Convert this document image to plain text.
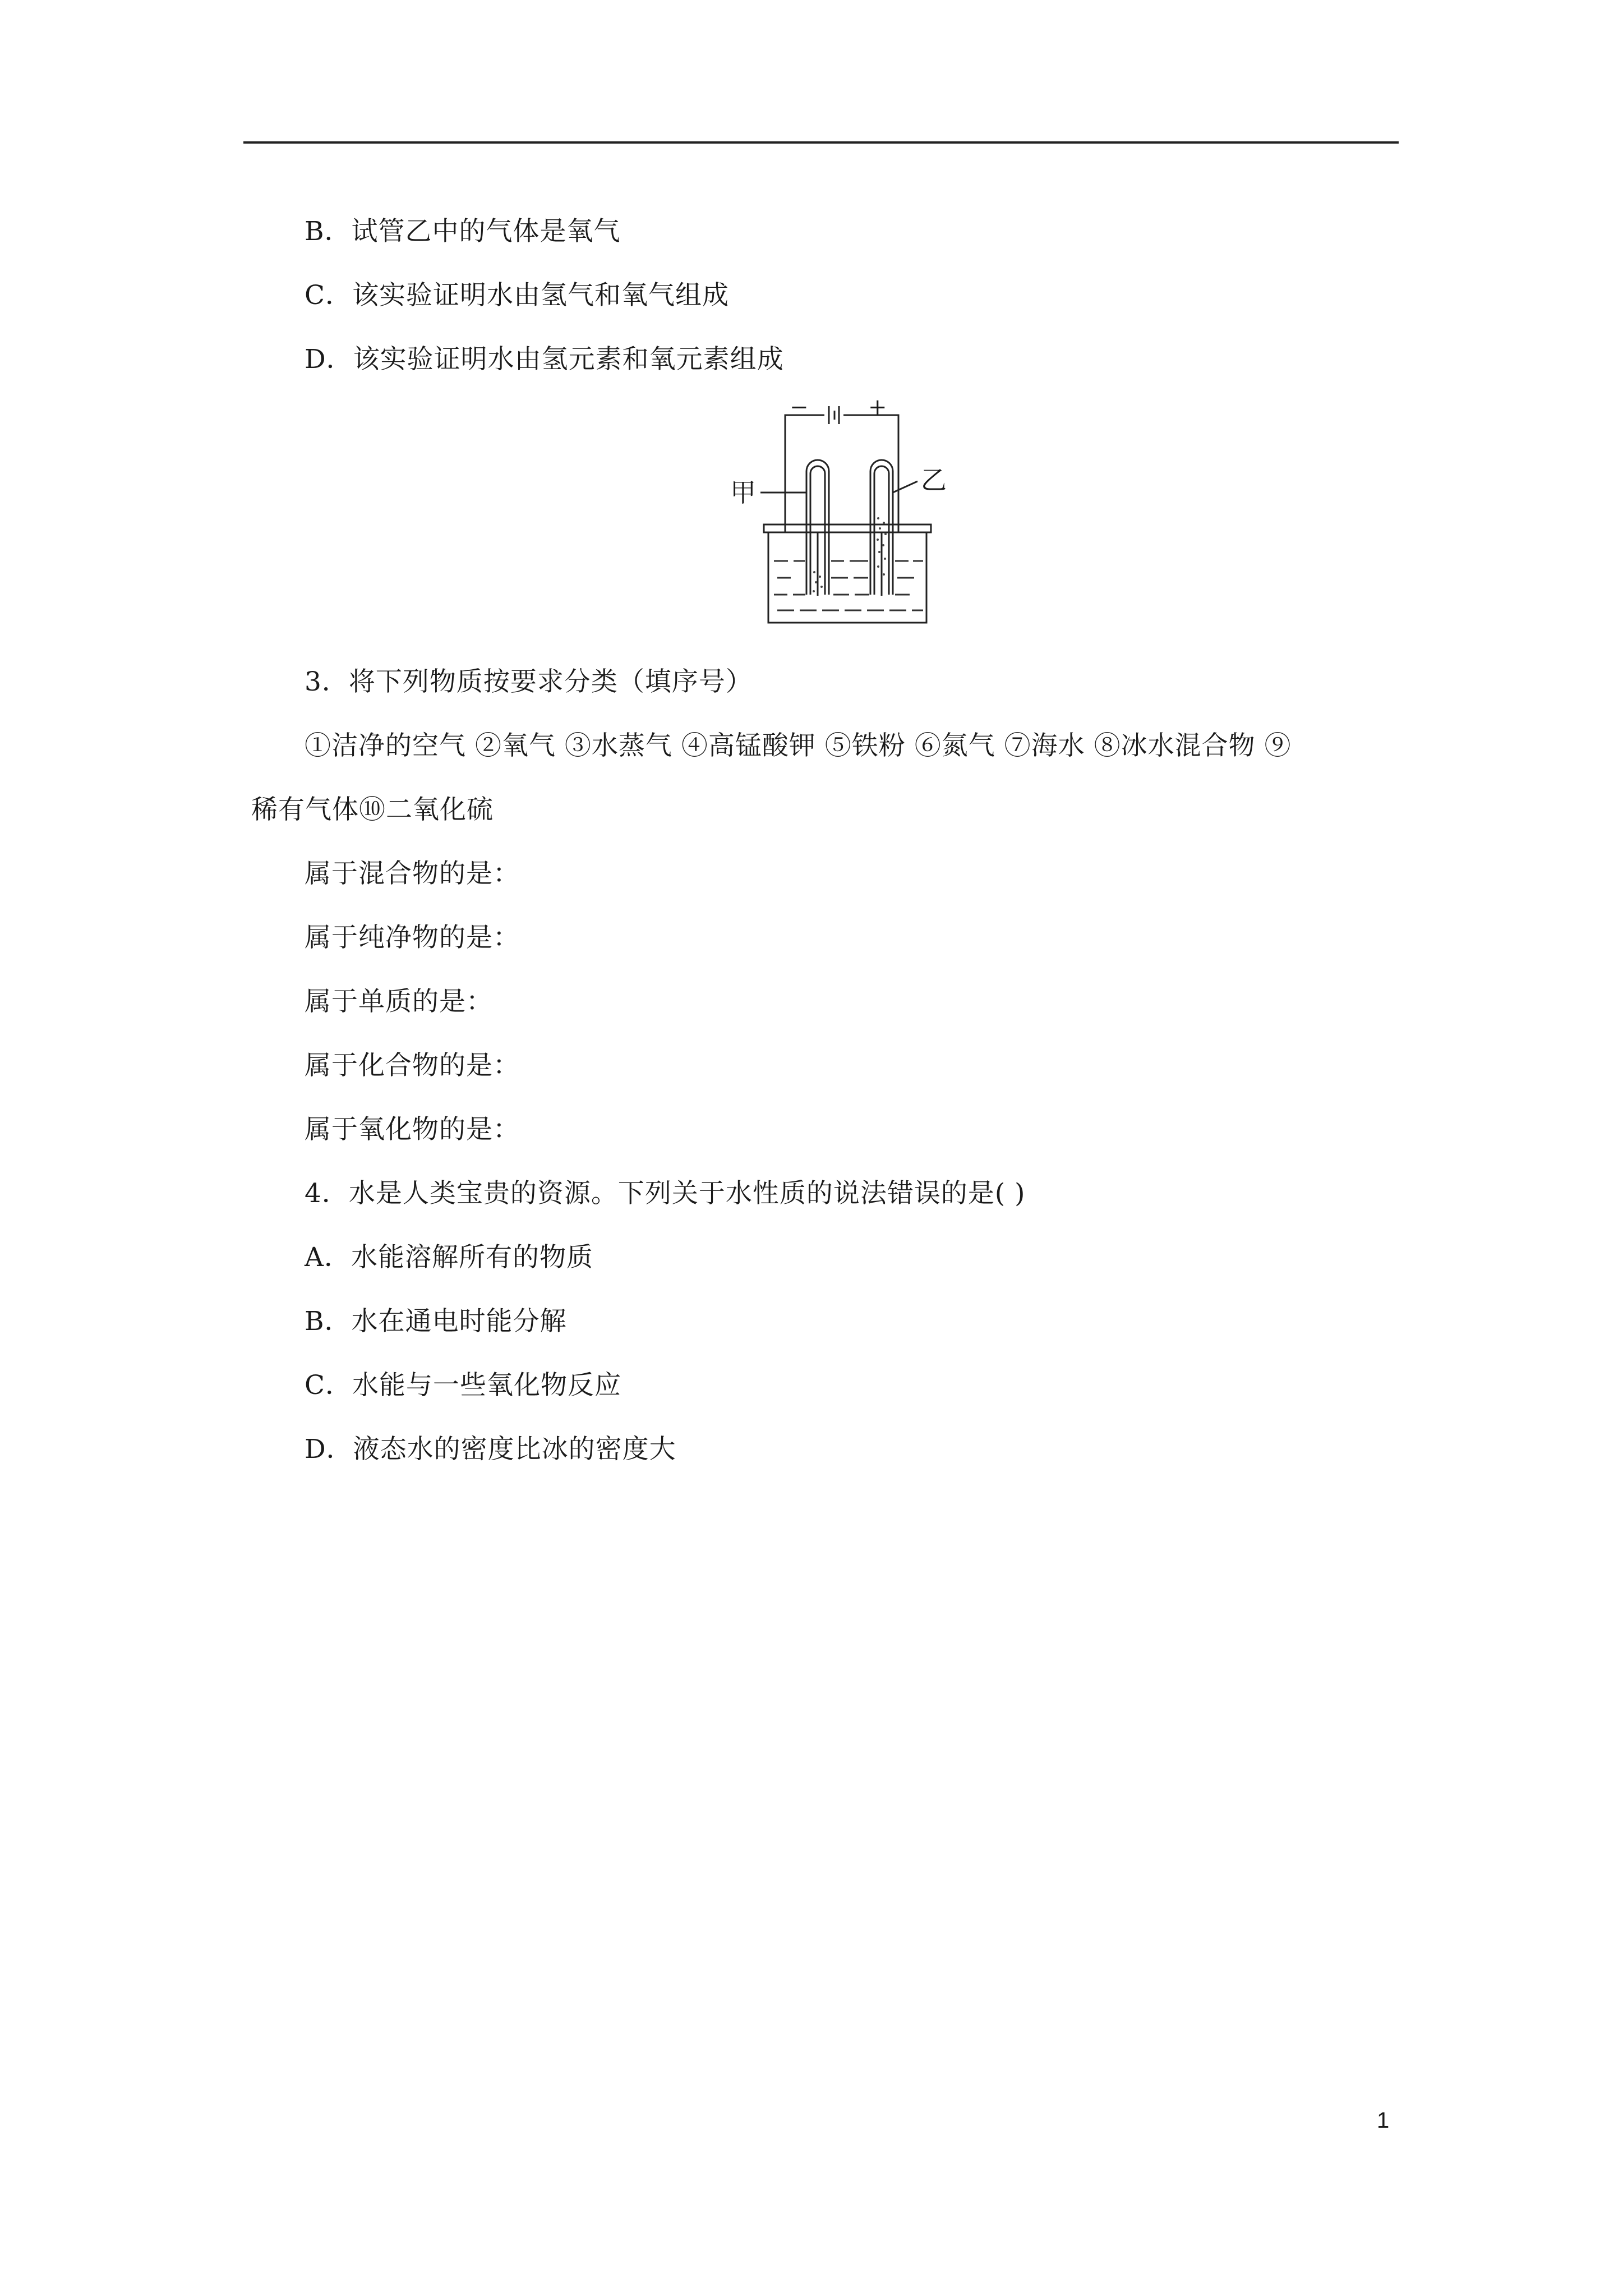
B．试管乙中的气体是氧气
C．该实验证明水由氢气和氧气组成
D．该实验证明水由氢元素和氧元素组成
−	+
甲	乙
3．将下列物质按要求分类（填序号）
①洁净的空气 ②氧气 ③水蒸气 ④高锰酸钾 ⑤铁粉 ⑥氮气 ⑦海水 ⑧冰水混合物 ⑨
稀有气体⑩二氧化硫
属于混合物的是：
属于纯净物的是：
属于单质的是：
属于化合物的是：
属于氧化物的是：
4．水是人类宝贵的资源。下列关于水性质的说法错误的是( )
A．水能溶解所有的物质
B．水在通电时能分解
C．水能与一些氧化物反应
D．液态水的密度比冰的密度大
1
